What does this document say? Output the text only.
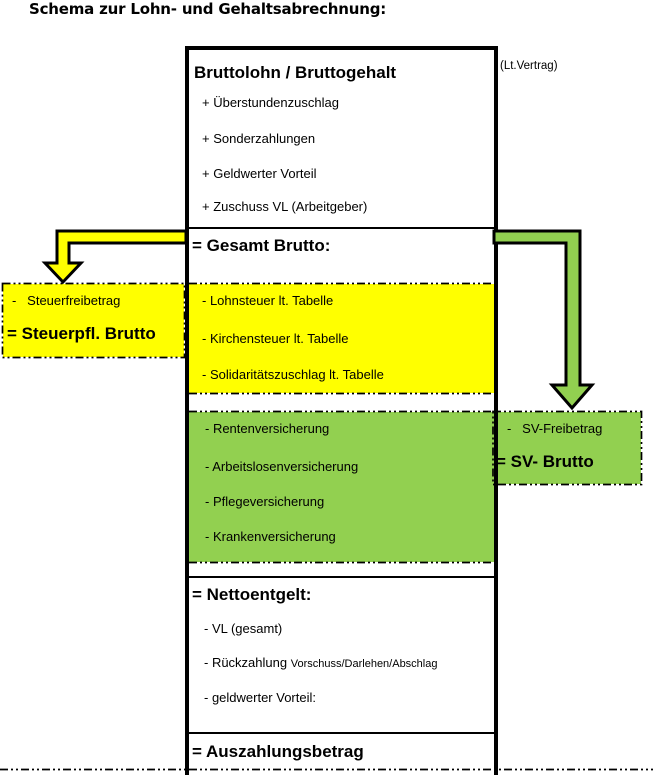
Schema zur Lohn- und Gehaltsabrechnung:
Bruttolohn / Bruttogehalt	(Lt.Vertrag)
+ Überstundenzuschlag
+ Sonderzahlungen
+ Geldwerter Vorteil
+ Zuschuss VL (Arbeitgeber)
= Gesamt Brutto:
- Lohnsteuer lt. Tabelle
- Kirchensteuer lt. Tabelle
- Solidaritätszuschlag lt. Tabelle
- Rentenversicherung
- Arbeitslosenversicherung
- Pflegeversicherung
- Krankenversicherung
= Nettoentgelt:
- VL (gesamt)
- Rückzahlung Vorschuss/Darlehen/Abschlag
- geldwerter Vorteil:
= Auszahlungsbetrag
-   Steuerfreibetrag
= Steuerpfl. Brutto
-   SV-Freibetrag
= SV- Brutto
